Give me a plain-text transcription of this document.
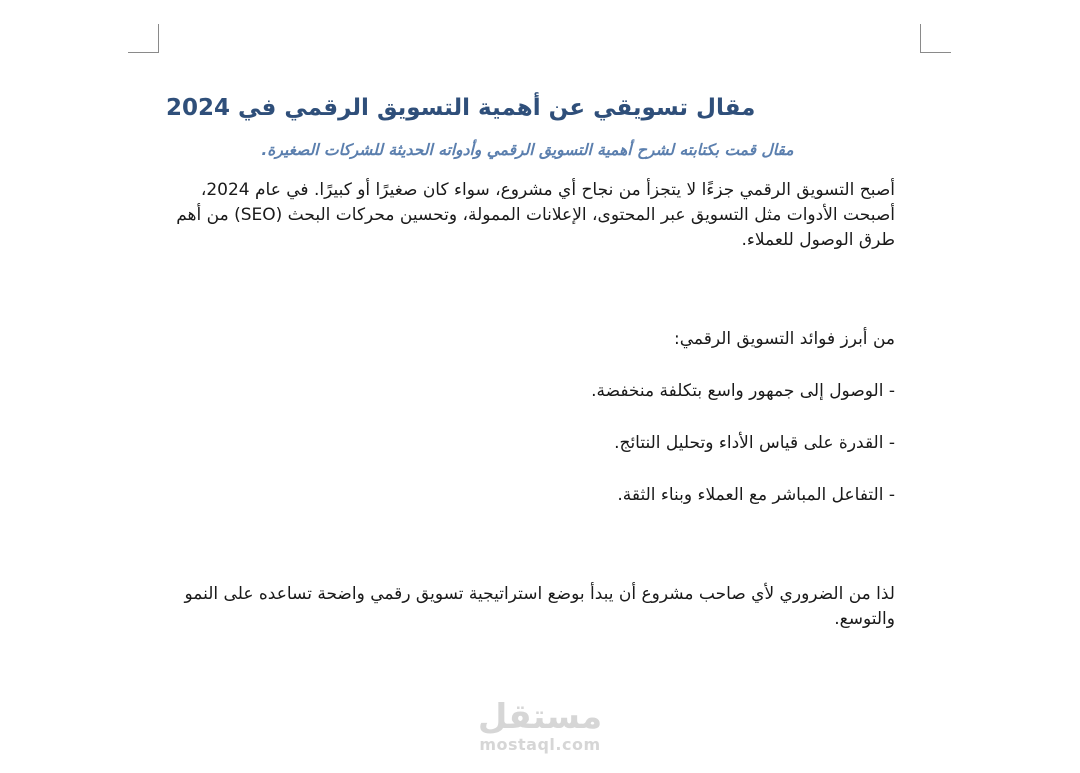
مقال تسويقي عن أهمية التسويق الرقمي في 2024

مقال قمت بكتابته لشرح أهمية التسويق الرقمي وأدواته الحديثة للشركات الصغيرة.

أصبح التسويق الرقمي جزءًا لا يتجزأ من نجاح أي مشروع، سواء كان صغيرًا أو كبيرًا. في عام 2024، أصبحت الأدوات مثل التسويق عبر المحتوى، الإعلانات الممولة، وتحسين محركات البحث (SEO) من أهم طرق الوصول للعملاء.

من أبرز فوائد التسويق الرقمي:

- الوصول إلى جمهور واسع بتكلفة منخفضة.

- القدرة على قياس الأداء وتحليل النتائج.

- التفاعل المباشر مع العملاء وبناء الثقة.

لذا من الضروري لأي صاحب مشروع أن يبدأ بوضع استراتيجية تسويق رقمي واضحة تساعده على النمو والتوسع.

مستقل
mostaql.com
